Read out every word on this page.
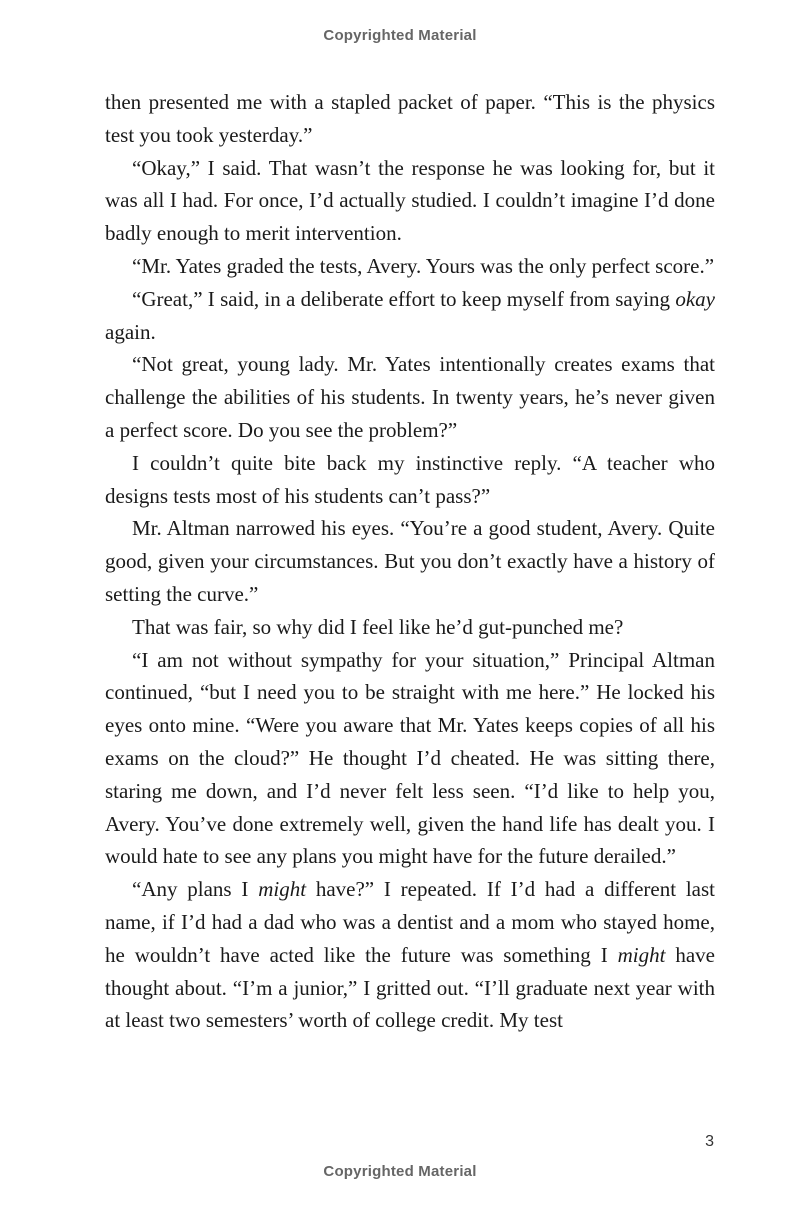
Copyrighted Material

then presented me with a stapled packet of paper. “This is the physics test you took yesterday.”

“Okay,” I said. That wasn’t the response he was looking for, but it was all I had. For once, I’d actually studied. I couldn’t imagine I’d done badly enough to merit intervention.

“Mr. Yates graded the tests, Avery. Yours was the only perfect score.”

“Great,” I said, in a deliberate effort to keep myself from saying okay again.

“Not great, young lady. Mr. Yates intentionally creates exams that challenge the abilities of his students. In twenty years, he’s never given a perfect score. Do you see the problem?”

I couldn’t quite bite back my instinctive reply. “A teacher who designs tests most of his students can’t pass?”

Mr. Altman narrowed his eyes. “You’re a good student, Avery. Quite good, given your circumstances. But you don’t exactly have a history of setting the curve.”

That was fair, so why did I feel like he’d gut-punched me?

“I am not without sympathy for your situation,” Principal Altman continued, “but I need you to be straight with me here.” He locked his eyes onto mine. “Were you aware that Mr. Yates keeps copies of all his exams on the cloud?” He thought I’d cheated. He was sitting there, staring me down, and I’d never felt less seen. “I’d like to help you, Avery. You’ve done extremely well, given the hand life has dealt you. I would hate to see any plans you might have for the future derailed.”

“Any plans I might have?” I repeated. If I’d had a different last name, if I’d had a dad who was a dentist and a mom who stayed home, he wouldn’t have acted like the future was something I might have thought about. “I’m a junior,” I gritted out. “I’ll graduate next year with at least two semesters’ worth of college credit. My test

3
Copyrighted Material
